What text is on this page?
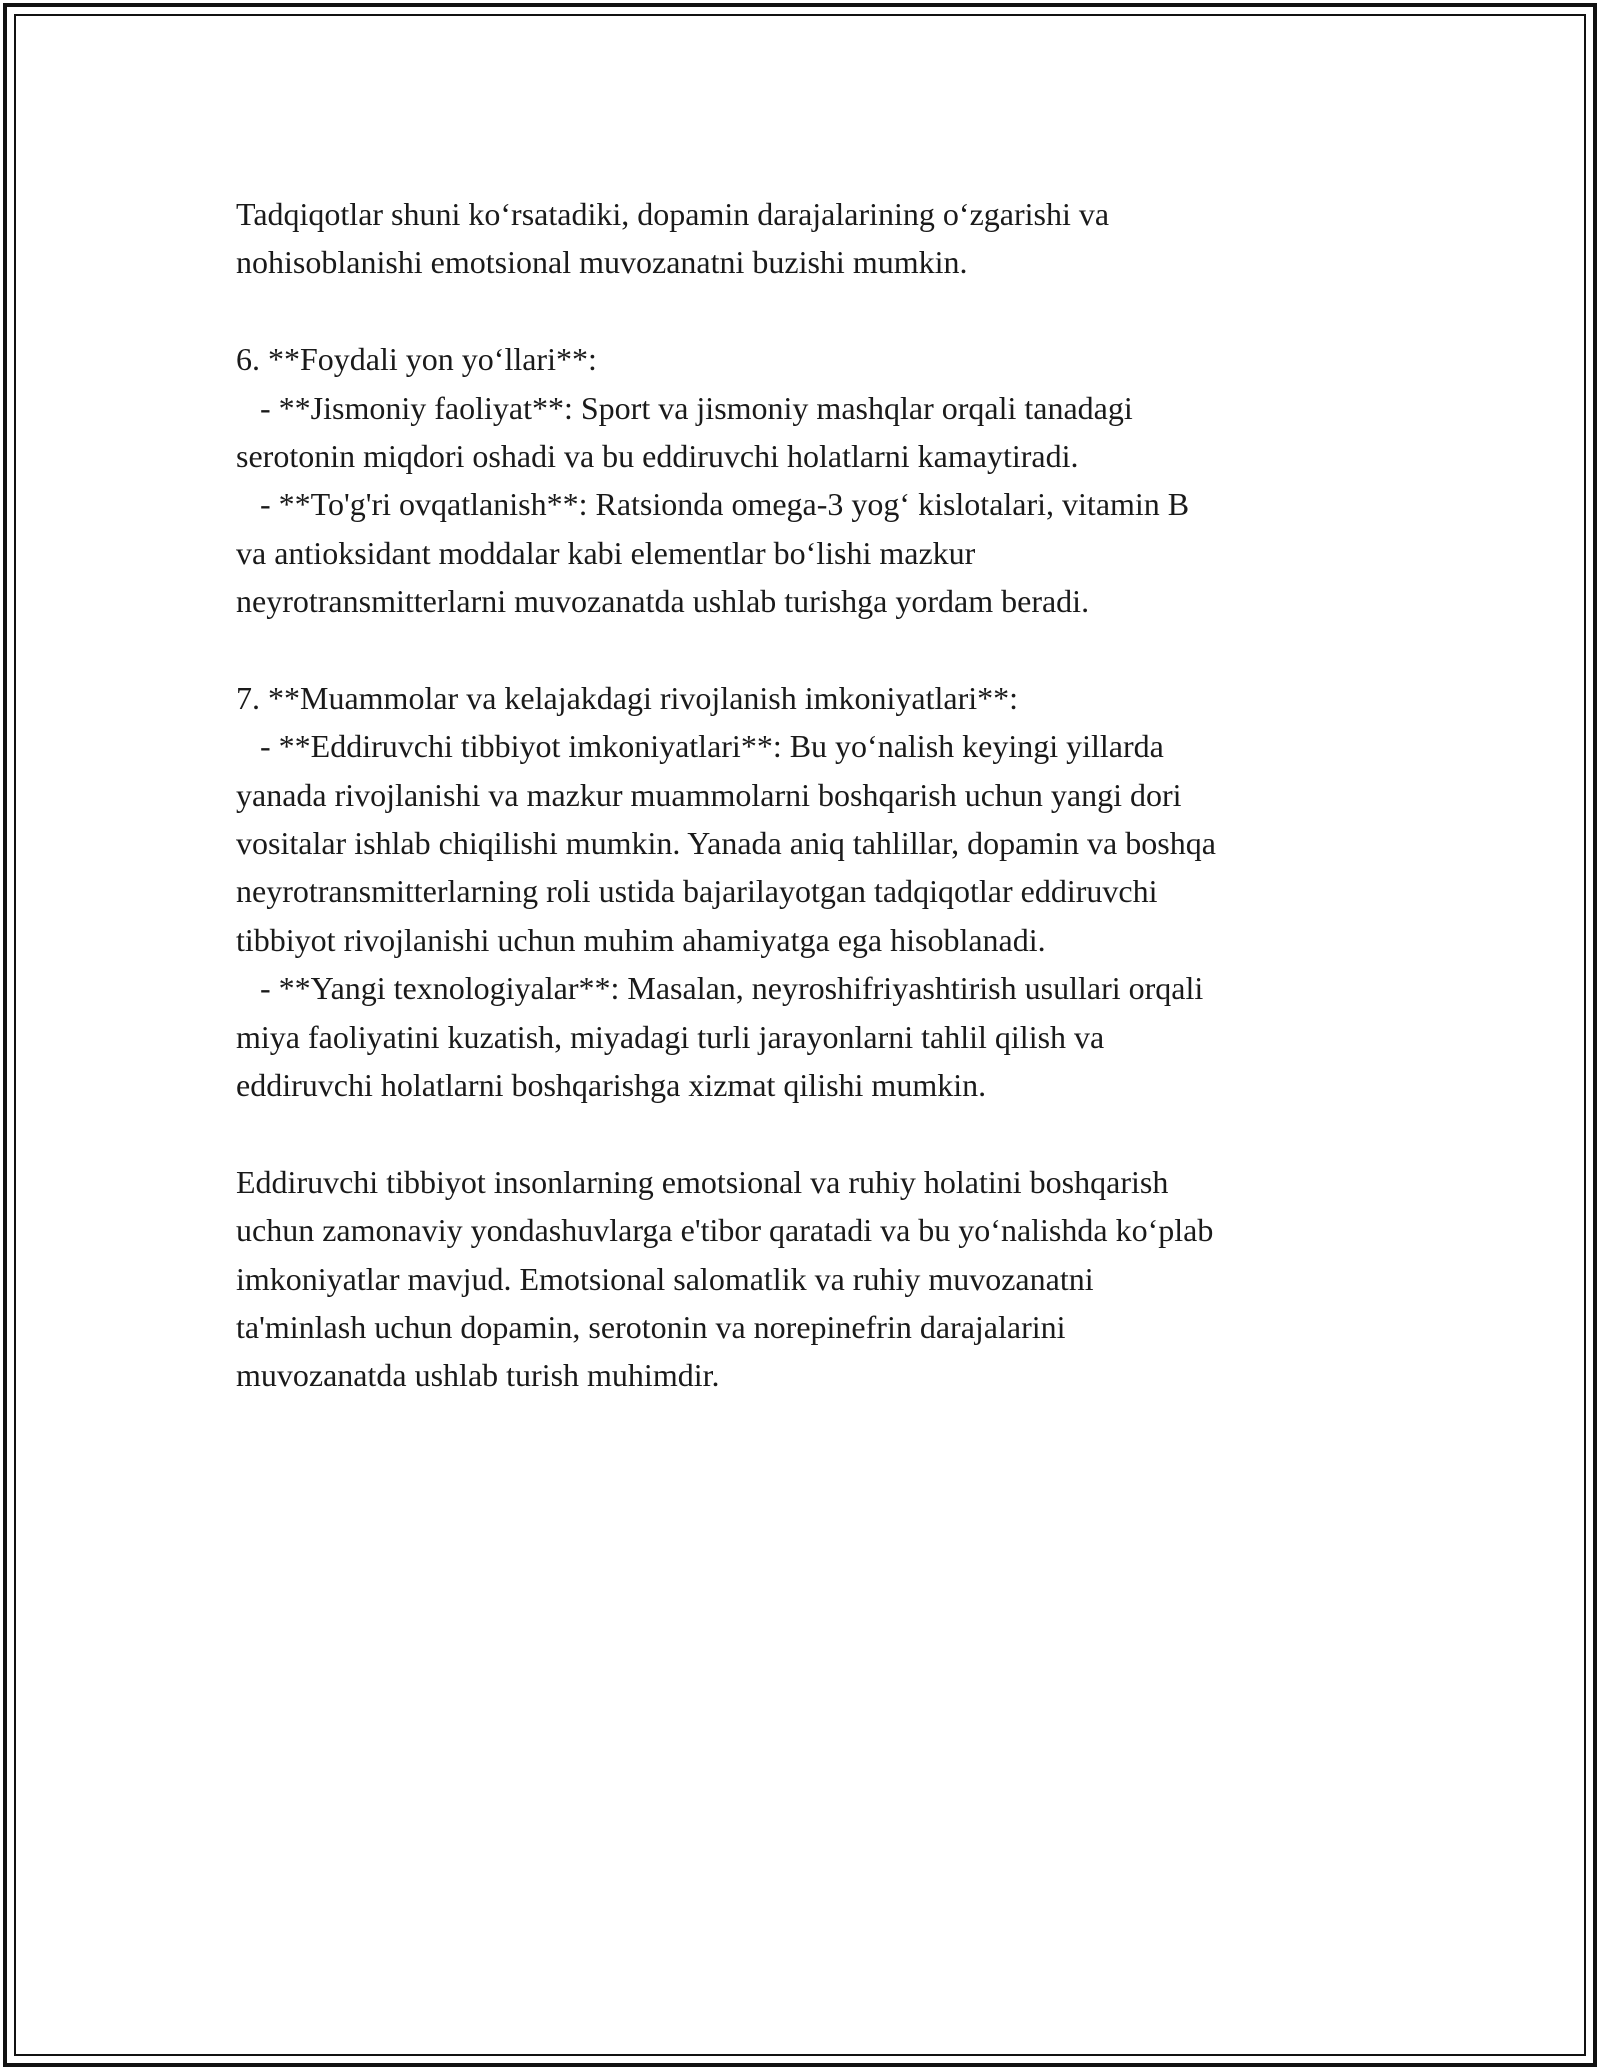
Tadqiqotlar shuni ko‘rsatadiki, dopamin darajalarining o‘zgarishi va
nohisoblanishi emotsional muvozanatni buzishi mumkin.
6. **Foydali yon yo‘llari**:
- **Jismoniy faoliyat**: Sport va jismoniy mashqlar orqali tanadagi
serotonin miqdori oshadi va bu eddiruvchi holatlarni kamaytiradi.
- **To'g'ri ovqatlanish**: Ratsionda omega-3 yog‘ kislotalari, vitamin B
va antioksidant moddalar kabi elementlar bo‘lishi mazkur
neyrotransmitterlarni muvozanatda ushlab turishga yordam beradi.
7. **Muammolar va kelajakdagi rivojlanish imkoniyatlari**:
- **Eddiruvchi tibbiyot imkoniyatlari**: Bu yo‘nalish keyingi yillarda
yanada rivojlanishi va mazkur muammolarni boshqarish uchun yangi dori
vositalar ishlab chiqilishi mumkin. Yanada aniq tahlillar, dopamin va boshqa
neyrotransmitterlarning roli ustida bajarilayotgan tadqiqotlar eddiruvchi
tibbiyot rivojlanishi uchun muhim ahamiyatga ega hisoblanadi.
- **Yangi texnologiyalar**: Masalan, neyroshifriyashtirish usullari orqali
miya faoliyatini kuzatish, miyadagi turli jarayonlarni tahlil qilish va
eddiruvchi holatlarni boshqarishga xizmat qilishi mumkin.
Eddiruvchi tibbiyot insonlarning emotsional va ruhiy holatini boshqarish
uchun zamonaviy yondashuvlarga e'tibor qaratadi va bu yo‘nalishda ko‘plab
imkoniyatlar mavjud. Emotsional salomatlik va ruhiy muvozanatni
ta'minlash uchun dopamin, serotonin va norepinefrin darajalarini
muvozanatda ushlab turish muhimdir.
